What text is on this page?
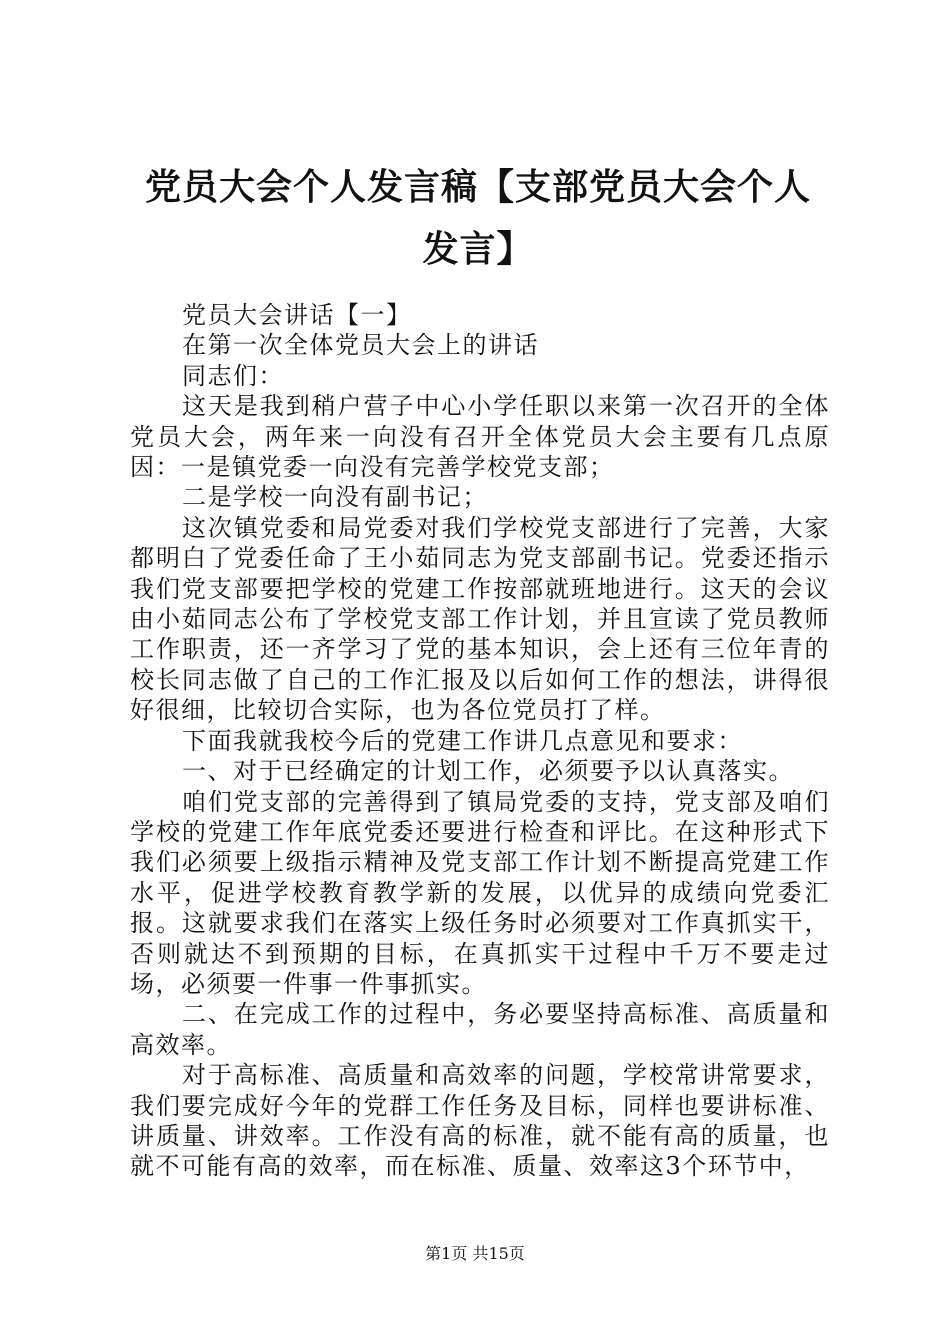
党员大会个人发言稿【支部党员大会个人发言】

党员大会讲话【一】

在第一次全体党员大会上的讲话

同志们：

这天是我到稍户营子中心小学任职以来第一次召开的全体党员大会，两年来一向没有召开全体党员大会主要有几点原因：一是镇党委一向没有完善学校党支部；

二是学校一向没有副书记；

这次镇党委和局党委对我们学校党支部进行了完善，大家都明白了党委任命了王小茹同志为党支部副书记。党委还指示我们党支部要把学校的党建工作按部就班地进行。这天的会议由小茹同志公布了学校党支部工作计划，并且宣读了党员教师工作职责，还一齐学习了党的基本知识，会上还有三位年青的校长同志做了自己的工作汇报及以后如何工作的想法，讲得很好很细，比较切合实际，也为各位党员打了样。

下面我就我校今后的党建工作讲几点意见和要求：

一、对于已经确定的计划工作，必须要予以认真落实。

咱们党支部的完善得到了镇局党委的支持，党支部及咱们学校的党建工作年底党委还要进行检查和评比。在这种形式下我们必须要上级指示精神及党支部工作计划不断提高党建工作水平，促进学校教育教学新的发展，以优异的成绩向党委汇报。这就要求我们在落实上级任务时必须要对工作真抓实干，否则就达不到预期的目标，在真抓实干过程中千万不要走过场，必须要一件事一件事抓实。

二、在完成工作的过程中，务必要坚持高标准、高质量和高效率。

对于高标准、高质量和高效率的问题，学校常讲常要求，我们要完成好今年的党群工作任务及目标，同样也要讲标准、讲质量、讲效率。工作没有高的标准，就不能有高的质量，也就不可能有高的效率，而在标准、质量、效率这3个环节中，

第1页 共15页
